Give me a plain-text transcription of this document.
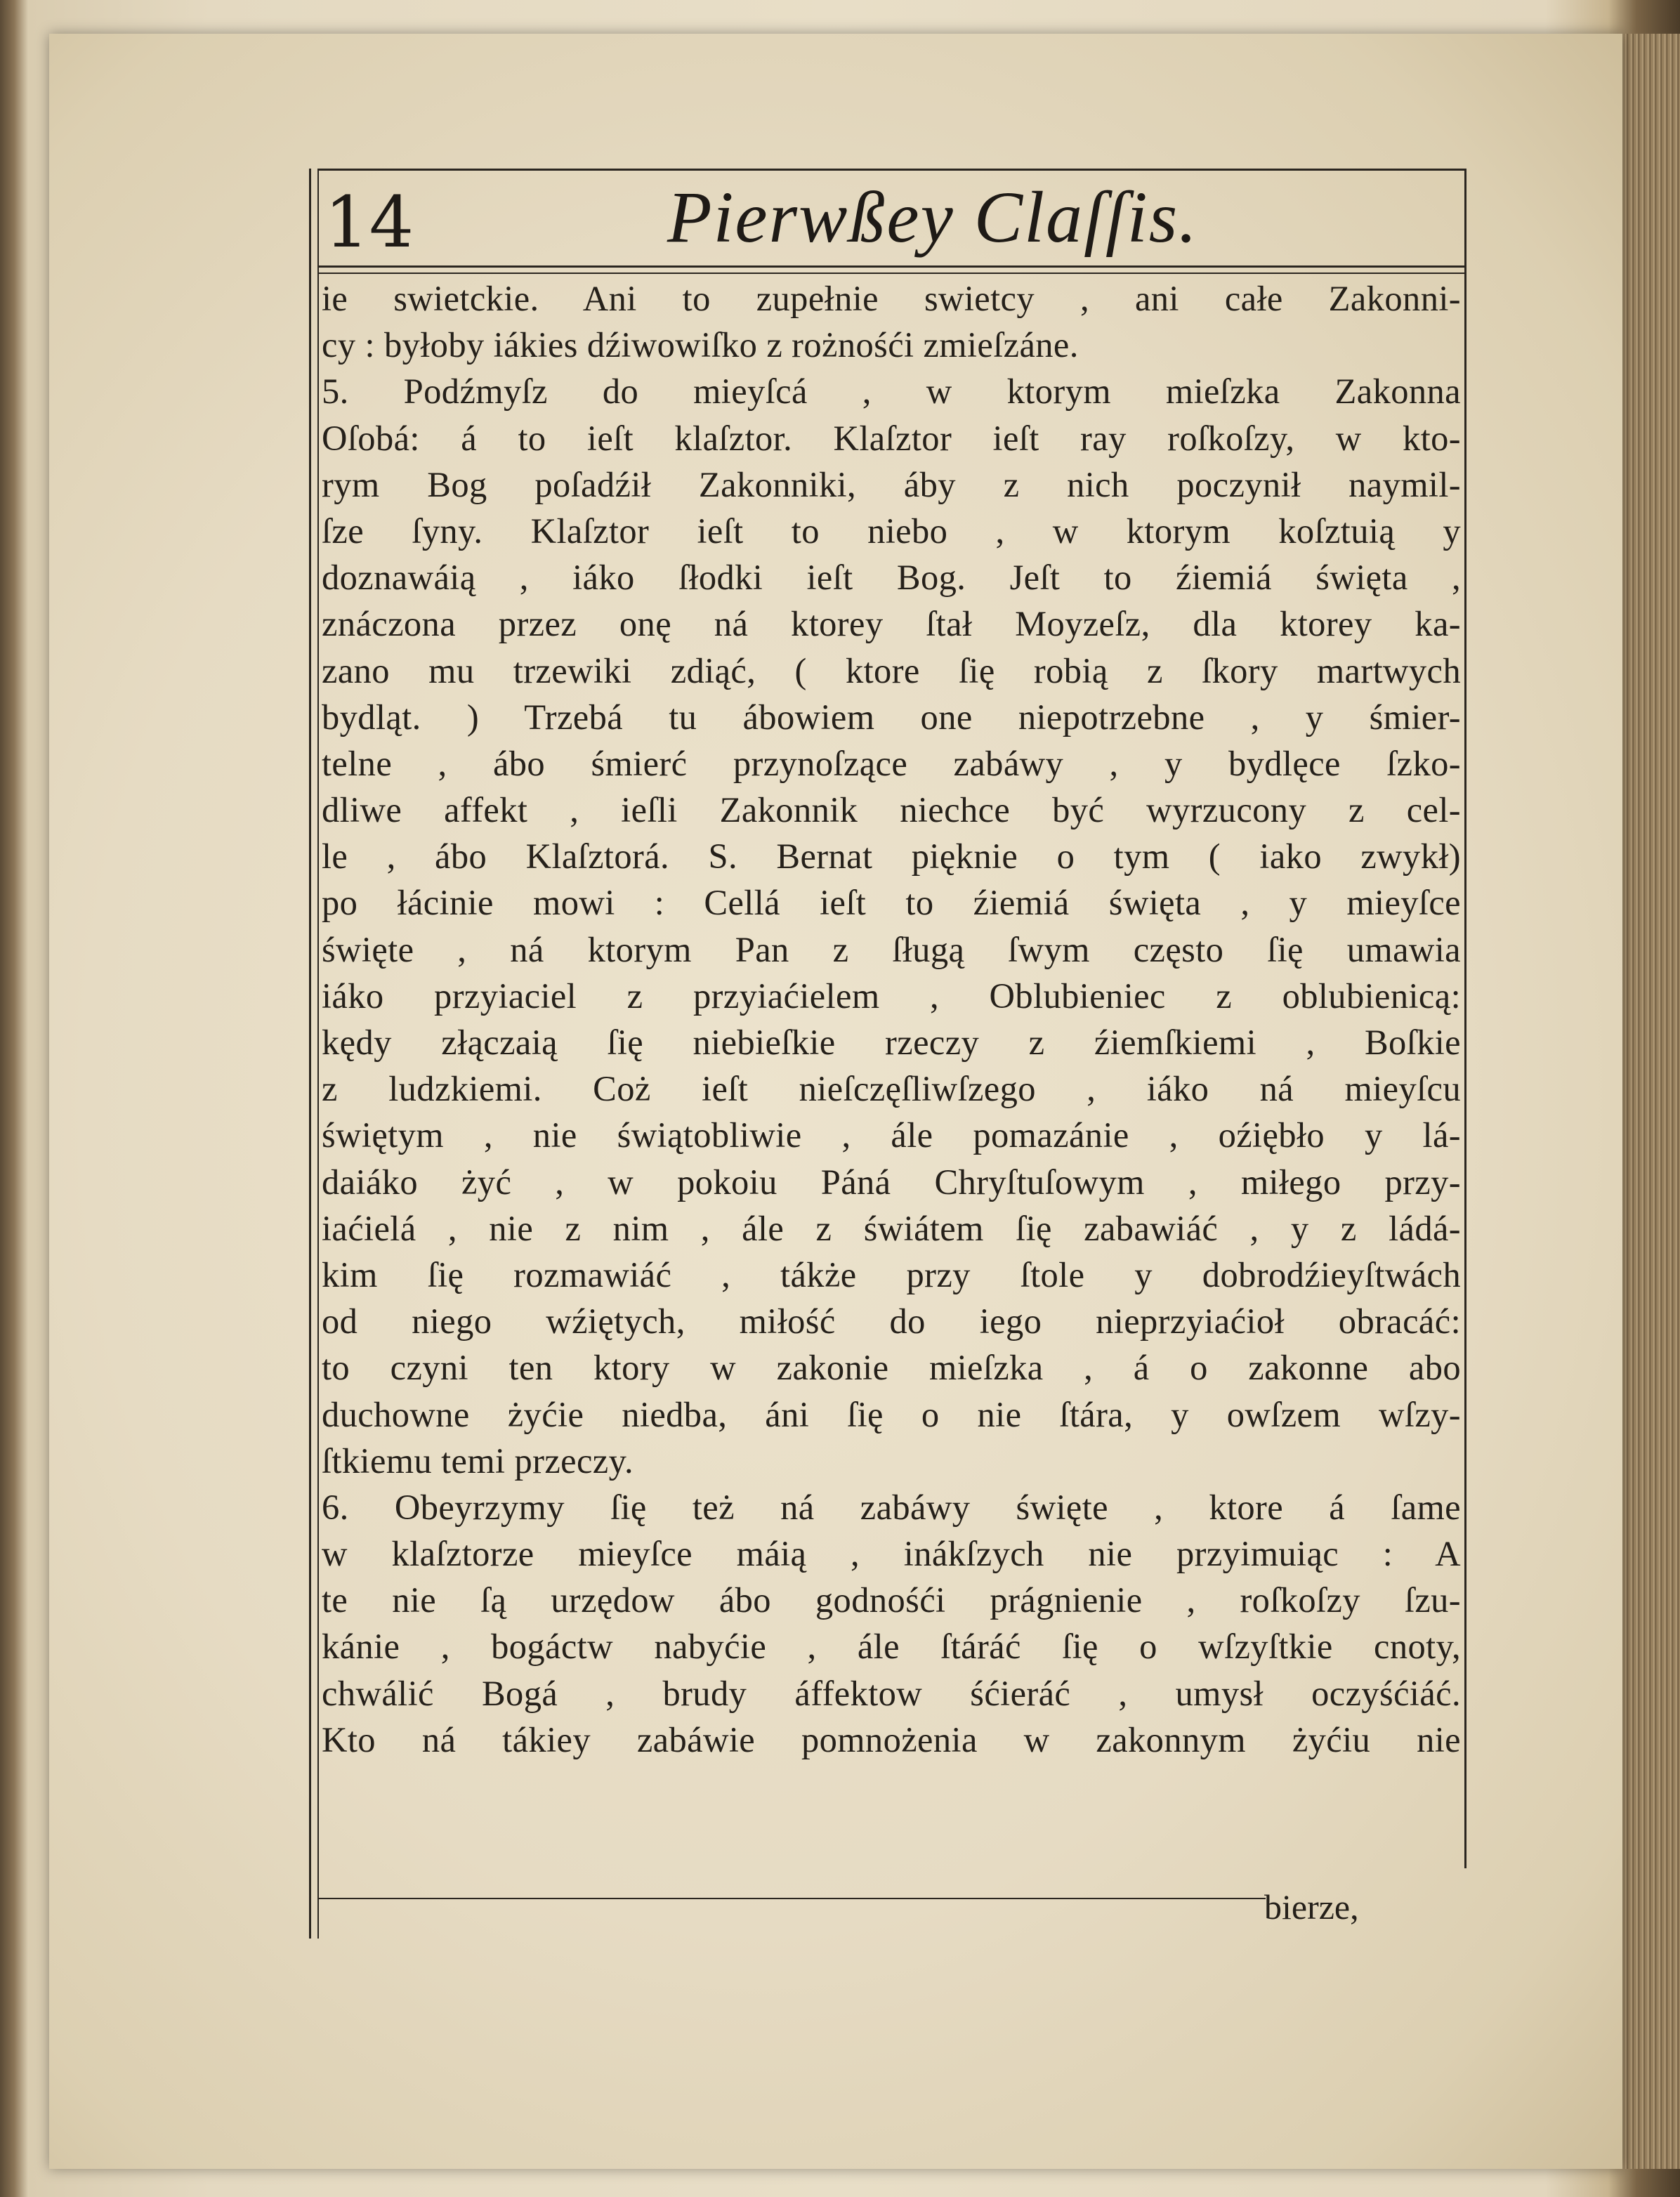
14	Pierwßey Claſſis.
ie swietckie. Ani to zupełnie swietcy , ani całe Zakonni-
cy : byłoby iákies dźiwowiſko z rożnośći zmieſzáne.
5. Podźmyſz do mieyſcá , w ktorym mieſzka Zakonna
Oſobá: á to ieſt klaſztor. Klaſztor ieſt ray roſkoſzy, w kto-
rym Bog poſadźił Zakonniki, áby z nich poczynił naymil-
ſze ſyny. Klaſztor ieſt to niebo , w ktorym koſztuią y
doznawáią , iáko ſłodki ieſt Bog. Jeſt to źiemiá święta ,
znáczona przez onę ná ktorey ſtał Moyzeſz, dla ktorey ka-
zano mu trzewiki zdiąć, ( ktore ſię robią z ſkory martwych
bydląt. ) Trzebá tu ábowiem one niepotrzebne , y śmier-
telne , ábo śmierć przynoſzące zabáwy , y bydlęce ſzko-
dliwe affekt , ieſli Zakonnik niechce być wyrzucony z cel-
le , ábo Klaſztorá. S. Bernat pięknie o tym ( iako zwykł)
po łácinie mowi : Cellá ieſt to źiemiá święta , y mieyſce
święte , ná ktorym Pan z ſługą ſwym często ſię umawia
iáko przyiaciel z przyiaćielem , Oblubieniec z oblubienicą:
kędy złączaią ſię niebieſkie rzeczy z źiemſkiemi , Boſkie
z ludzkiemi. Coż ieſt nieſczęſliwſzego , iáko ná mieyſcu
świętym , nie świątobliwie , ále pomazánie , oźiębło y lá-
daiáko żyć , w pokoiu Páná Chryſtuſowym , miłego przy-
iaćielá , nie z nim , ále z świátem ſię zabawiáć , y z ládá-
kim ſię rozmawiáć , tákże przy ſtole y dobrodźieyſtwách
od niego wźiętych, miłość do iego nieprzyiaćioł obracáć:
to czyni ten ktory w zakonie mieſzka , á o zakonne abo
duchowne żyćie niedba, áni ſię o nie ſtára, y owſzem wſzy-
ſtkiemu temi przeczy.
6. Obeyrzymy ſię też ná zabáwy święte , ktore á ſame
w klaſztorze mieyſce máią , inákſzych nie przyimuiąc : A
te nie ſą urzędow ábo godnośći prágnienie , roſkoſzy ſzu-
kánie , bogáctw nabyćie , ále ſtáráć ſię o wſzyſtkie cnoty,
chwálić Bogá , brudy áffektow śćieráć , umysł oczyśćiáć.
Kto ná tákiey zabáwie pomnożenia w zakonnym żyćiu nie
bierze,
